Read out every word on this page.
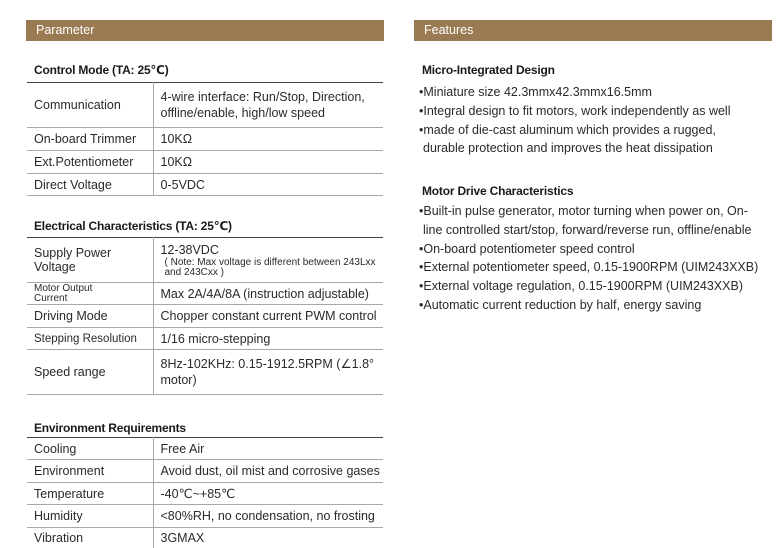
Parameter	Features
Control Mode (TA: 25℃)
Communication	4-wire interface: Run/Stop, Direction, offline/enable, high/low speed
On-board Trimmer	10KΩ
Ext.Potentiometer	10KΩ
Direct Voltage	0-5VDC
Electrical Characteristics (TA: 25℃)
Supply Power Voltage	12-38VDC
( Note: Max voltage is different between 243Lxx and 243Cxx )

Motor Output Current	Max 2A/4A/8A (instruction adjustable)
Driving Mode	Chopper constant current PWM control
Stepping Resolution	1/16 micro-stepping
Speed range	8Hz-102KHz: 0.15-1912.5RPM (∠1.8° motor)
Environment Requirements
Cooling	Free Air
Environment	Avoid dust, oil mist and corrosive gases
Temperature	-40℃~+85℃
Humidity	<80%RH, no condensation, no frosting
Vibration	3GMAX
Micro-Integrated Design
•Miniature size 42.3mmx42.3mmx16.5mm
•Integral design to fit motors, work independently as well
•made of die-cast aluminum which provides a rugged,
durable protection and improves the heat dissipation
Motor Drive Characteristics
•Built-in pulse generator, motor turning when power on, On-
line controlled start/stop, forward/reverse run, offline/enable
•On-board potentiometer speed control
•External potentiometer speed, 0.15-1900RPM (UIM243XXB)
•External voltage regulation, 0.15-1900RPM (UIM243XXB)
•Automatic current reduction by half, energy saving
